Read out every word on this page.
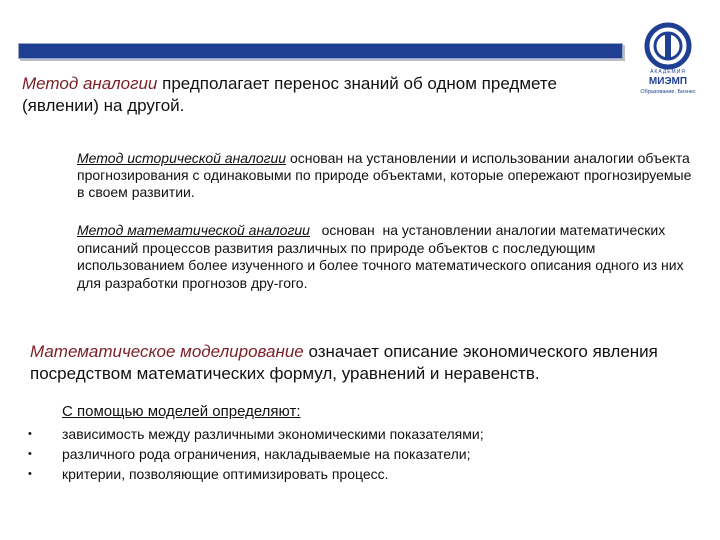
АКАДЕМИЯ
МИЭМП
Образование. Бизнес

Метод аналогии предполагает перенос знаний об одном предмете (явлении) на другой.

Метод исторической аналогии основан на установлении и использовании аналогии объекта прогнозирования с одинаковыми по природе объектами, которые опережают прогнозируемые в своем развитии.

Метод математической аналогии   основан  на установлении аналогии математических описаний процессов развития различных по природе объектов с последующим использованием более изученного и более точного математического описания одного из них для разработки прогнозов дру-гого.

Математическое моделирование означает описание экономического явления посредством математических формул, уравнений и неравенств.

С помощью моделей определяют:

• зависимость между различными экономическими показателями;
• различного рода ограничения, накладываемые на показатели;
• критерии, позволяющие оптимизировать процесс.
